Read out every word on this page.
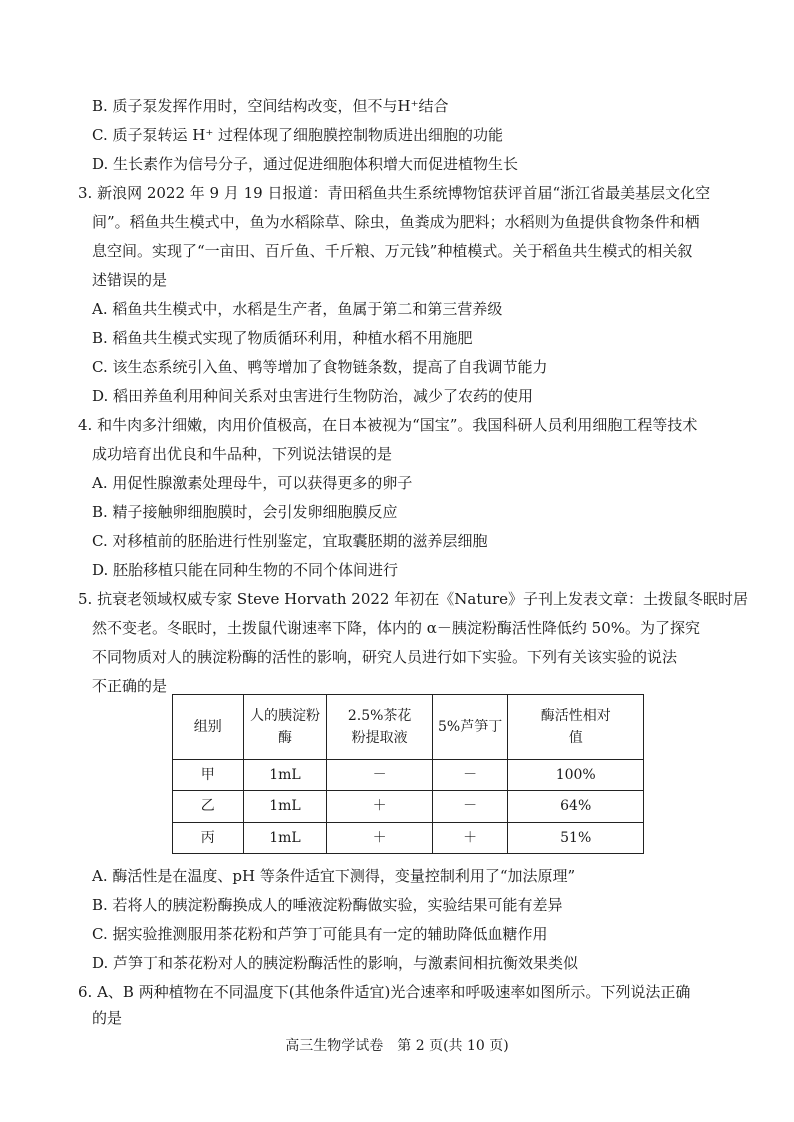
B. 质子泵发挥作用时，空间结构改变，但不与H⁺结合
C. 质子泵转运 H⁺ 过程体现了细胞膜控制物质进出细胞的功能
D. 生长素作为信号分子，通过促进细胞体积增大而促进植物生长
3. 新浪网 2022 年 9 月 19 日报道：青田稻鱼共生系统博物馆获评首届“浙江省最美基层文化空
间”。稻鱼共生模式中，鱼为水稻除草、除虫，鱼粪成为肥料；水稻则为鱼提供食物条件和栖
息空间。实现了“一亩田、百斤鱼、千斤粮、万元钱”种植模式。关于稻鱼共生模式的相关叙
述错误的是
A. 稻鱼共生模式中，水稻是生产者，鱼属于第二和第三营养级
B. 稻鱼共生模式实现了物质循环利用，种植水稻不用施肥
C. 该生态系统引入鱼、鸭等增加了食物链条数，提高了自我调节能力
D. 稻田养鱼利用种间关系对虫害进行生物防治，减少了农药的使用
4. 和牛肉多汁细嫩，肉用价值极高，在日本被视为“国宝”。我国科研人员利用细胞工程等技术
成功培育出优良和牛品种，下列说法错误的是
A. 用促性腺激素处理母牛，可以获得更多的卵子
B. 精子接触卵细胞膜时，会引发卵细胞膜反应
C. 对移植前的胚胎进行性别鉴定，宜取囊胚期的滋养层细胞
D. 胚胎移植只能在同种生物的不同个体间进行
5. 抗衰老领域权威专家 Steve Horvath 2022 年初在《Nature》子刊上发表文章：土拨鼠冬眠时居
然不变老。冬眠时，土拨鼠代谢速率下降，体内的 α－胰淀粉酶活性降低约 50%。为了探究
不同物质对人的胰淀粉酶的活性的影响，研究人员进行如下实验。下列有关该实验的说法
不正确的是
组别	人的胰淀粉酶	2.5%茶花粉提取液	5%芦笋丁	酶活性相对值
甲	1mL	－	－	100%
乙	1mL	＋	－	64%
丙	1mL	＋	＋	51%
A. 酶活性是在温度、pH 等条件适宜下测得，变量控制利用了“加法原理”
B. 若将人的胰淀粉酶换成人的唾液淀粉酶做实验，实验结果可能有差异
C. 据实验推测服用茶花粉和芦笋丁可能具有一定的辅助降低血糖作用
D. 芦笋丁和茶花粉对人的胰淀粉酶活性的影响，与激素间相抗衡效果类似
6. A、B 两种植物在不同温度下(其他条件适宜)光合速率和呼吸速率如图所示。下列说法正确
的是
高三生物学试卷　第 2 页(共 10 页)
